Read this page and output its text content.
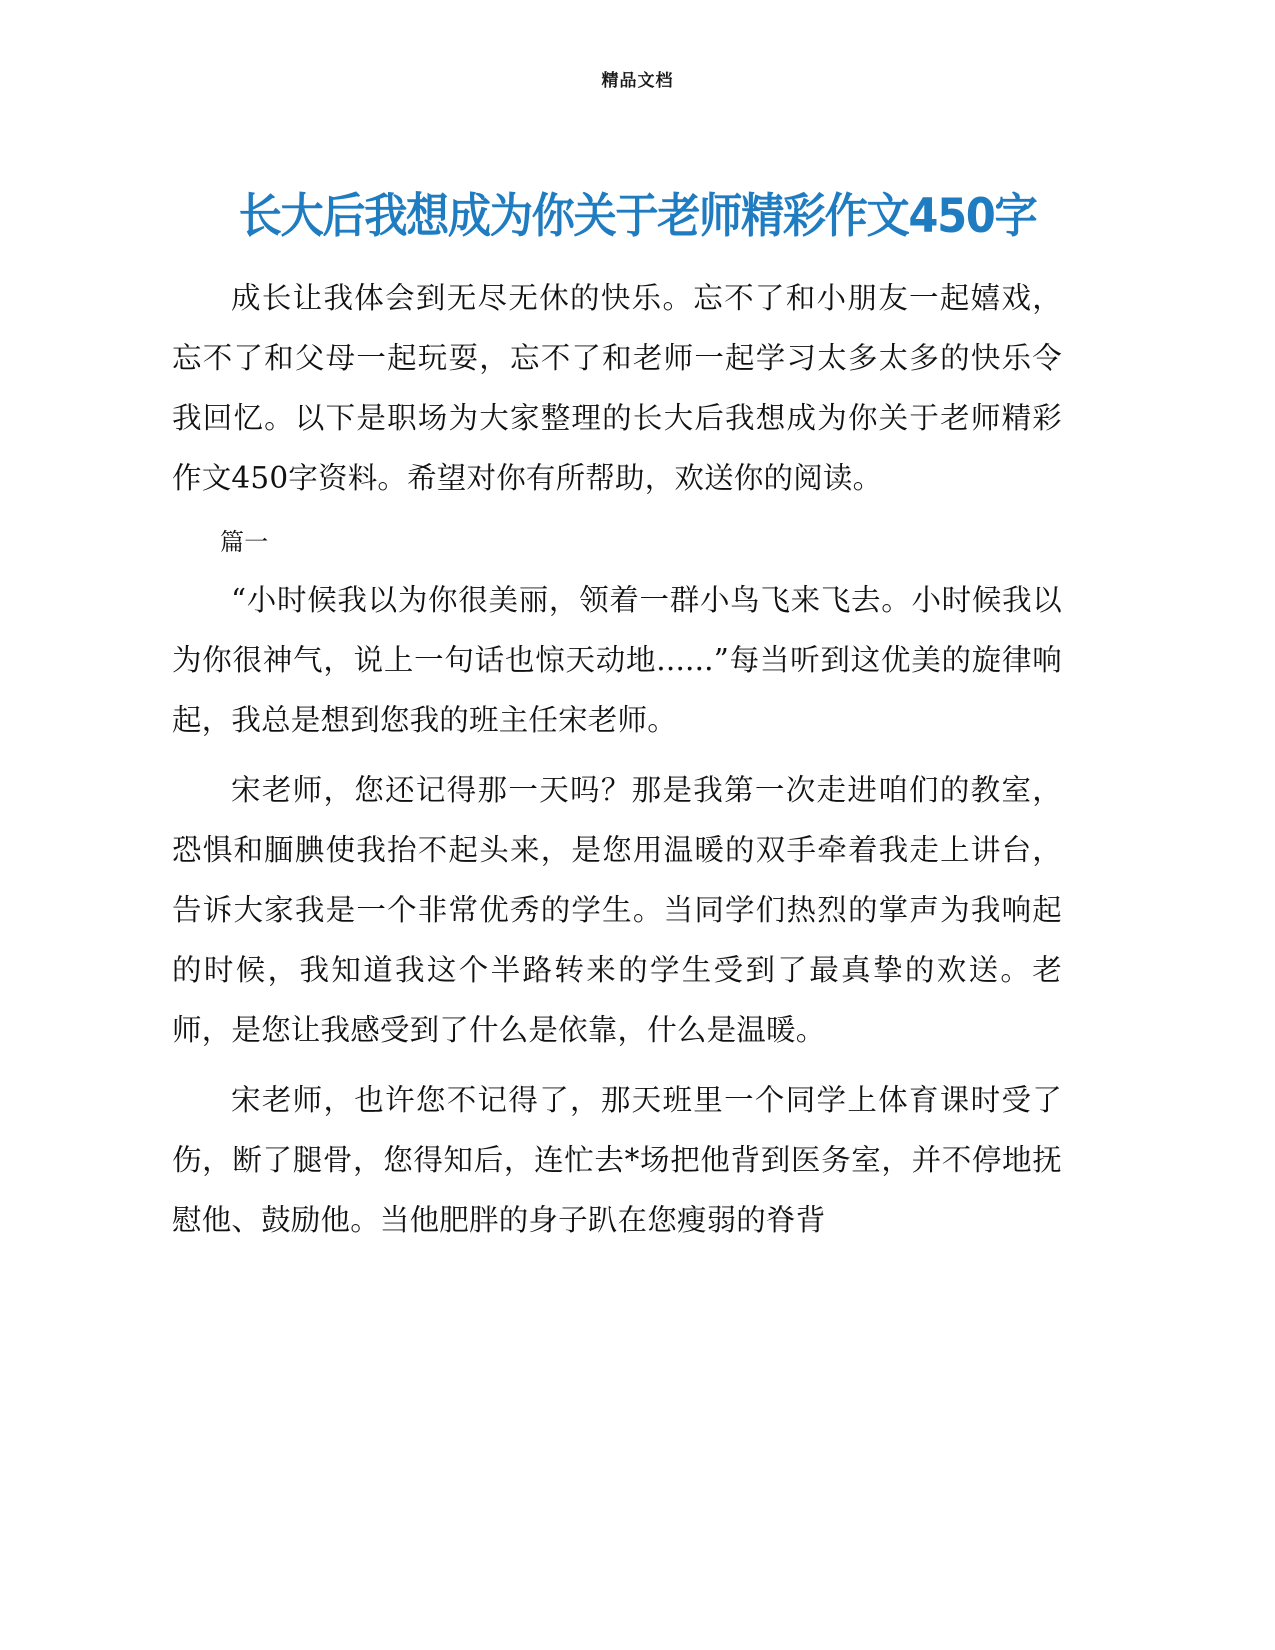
精品文档
长大后我想成为你关于老师精彩作文450字

成长让我体会到无尽无休的快乐。忘不了和小朋友一起嬉戏，忘不了和父母一起玩耍，忘不了和老师一起学习太多太多的快乐令我回忆。以下是职场为大家整理的长大后我想成为你关于老师精彩作文450字资料。希望对你有所帮助，欢送你的阅读。

篇一

“小时候我以为你很美丽，领着一群小鸟飞来飞去。小时候我以为你很神气，说上一句话也惊天动地......”每当听到这优美的旋律响起，我总是想到您我的班主任宋老师。

宋老师，您还记得那一天吗？那是我第一次走进咱们的教室，恐惧和腼腆使我抬不起头来，是您用温暖的双手牵着我走上讲台，告诉大家我是一个非常优秀的学生。当同学们热烈的掌声为我响起的时候，我知道我这个半路转来的学生受到了最真挚的欢送。老师，是您让我感受到了什么是依靠，什么是温暖。

宋老师，也许您不记得了，那天班里一个同学上体育课时受了伤，断了腿骨，您得知后，连忙去*场把他背到医务室，并不停地抚慰他、鼓励他。当他肥胖的身子趴在您瘦弱的脊背
